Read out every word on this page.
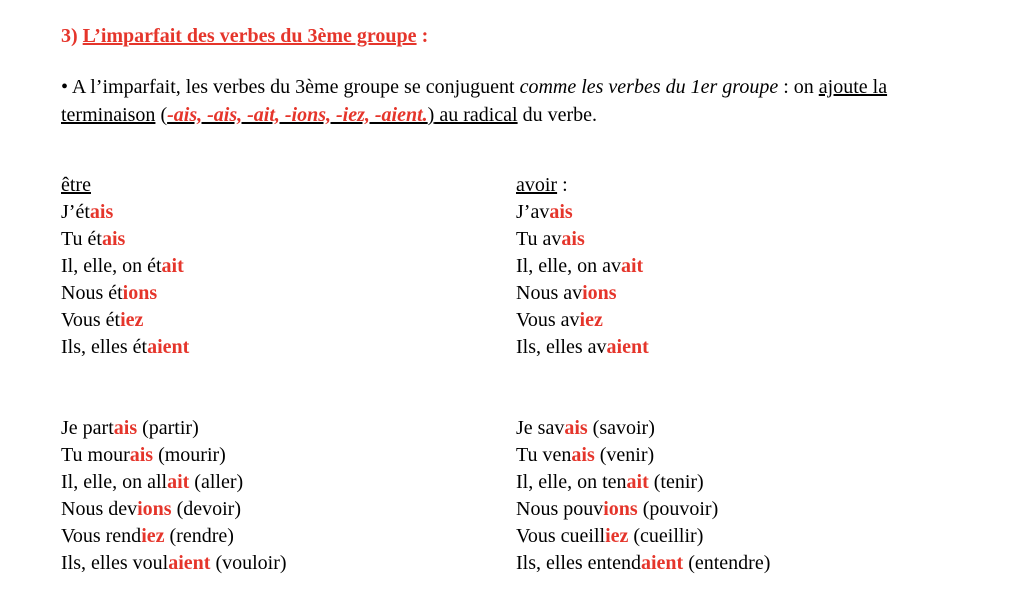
3) L’imparfait des verbes du 3ème groupe :
• A l’imparfait, les verbes du 3ème groupe se conjuguent comme les verbes du 1er groupe : on ajoute la terminaison (-ais, -ais, -ait, -ions, -iez, -aient.) au radical du verbe.
être
J’étais
Tu étais
Il, elle, on était
Nous étions
Vous étiez
Ils, elles étaient
avoir :
J’avais
Tu avais
Il, elle, on avait
Nous avions
Vous aviez
Ils, elles avaient
Je partais (partir)
Tu mourais (mourir)
Il, elle, on allait (aller)
Nous devions (devoir)
Vous rendiez (rendre)
Ils, elles voulaient (vouloir)
Je savais (savoir)
Tu venais (venir)
Il, elle, on tenait (tenir)
Nous pouvions (pouvoir)
Vous cueilliez (cueillir)
Ils, elles entendaient (entendre)
